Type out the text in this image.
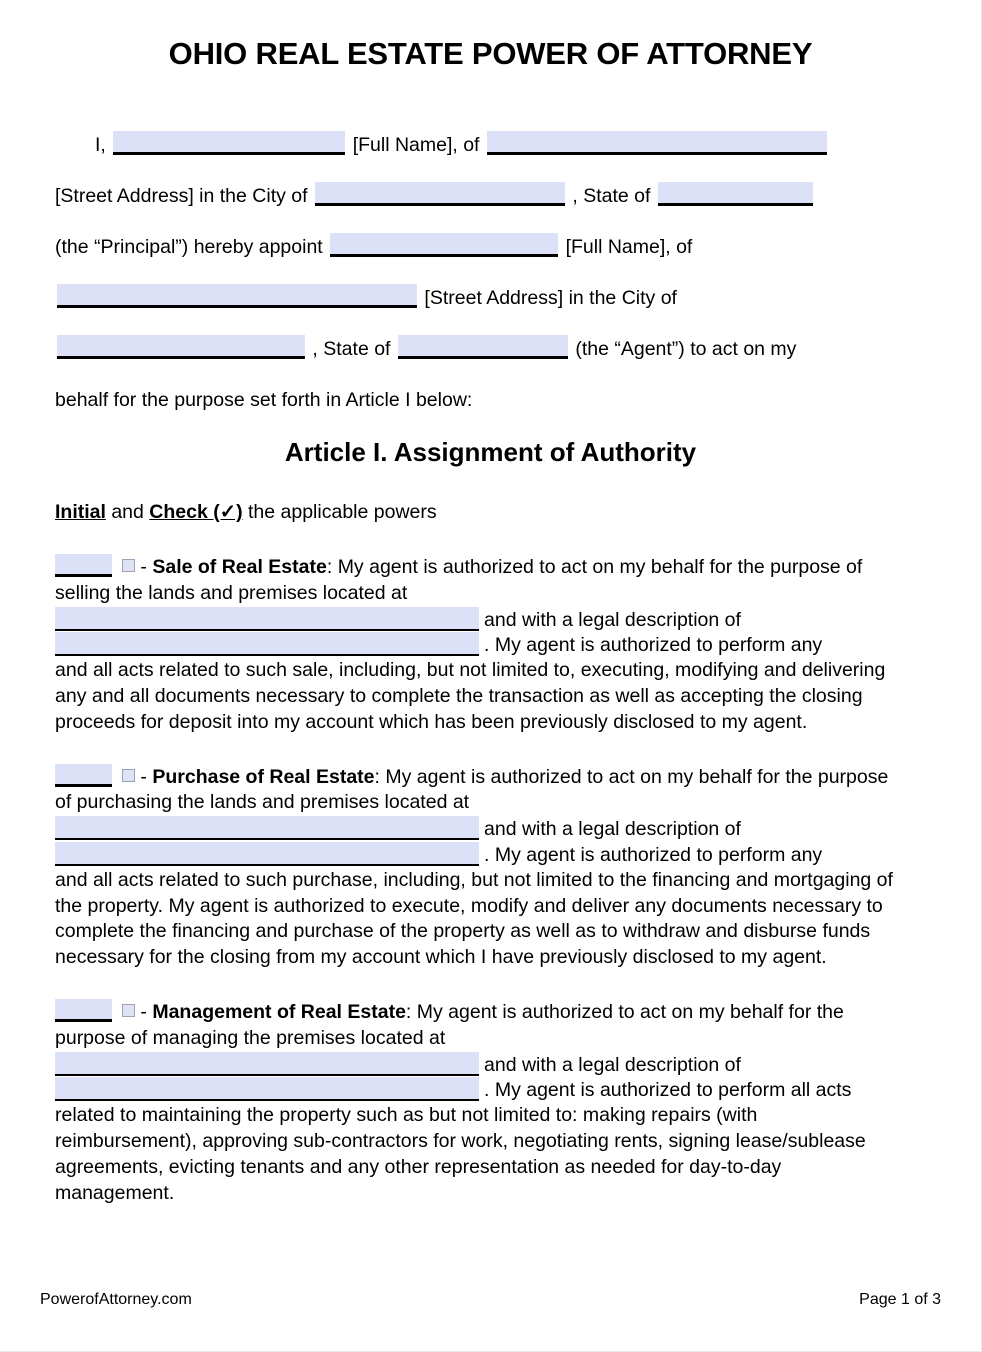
OHIO REAL ESTATE POWER OF ATTORNEY
I,	[Full Name], of
[Street Address] in the City of	, State of
(the “Principal”) hereby appoint	[Full Name], of
[Street Address] in the City of
, State of	(the “Agent”) to act on my
behalf for the purpose set forth in Article I below:
Article I. Assignment of Authority
Initial and Check (✓) the applicable powers
- Sale of Real Estate: My agent is authorized to act on my behalf for the purpose of selling the lands and premises located at
and with a legal description of
. My agent is authorized to perform any
and all acts related to such sale, including, but not limited to, executing, modifying and delivering any and all documents necessary to complete the transaction as well as accepting the closing proceeds for deposit into my account which has been previously disclosed to my agent.
- Purchase of Real Estate: My agent is authorized to act on my behalf for the purpose of purchasing the lands and premises located at
and with a legal description of
. My agent is authorized to perform any
and all acts related to such purchase, including, but not limited to the financing and mortgaging of the property. My agent is authorized to execute, modify and deliver any documents necessary to complete the financing and purchase of the property as well as to withdraw and disburse funds necessary for the closing from my account which I have previously disclosed to my agent.
- Management of Real Estate: My agent is authorized to act on my behalf for the purpose of managing the premises located at
and with a legal description of
. My agent is authorized to perform all acts
related to maintaining the property such as but not limited to: making repairs (with reimbursement), approving sub-contractors for work, negotiating rents, signing lease/sublease agreements, evicting tenants and any other representation as needed for day-to-day management.
PowerofAttorney.com	Page 1 of 3
